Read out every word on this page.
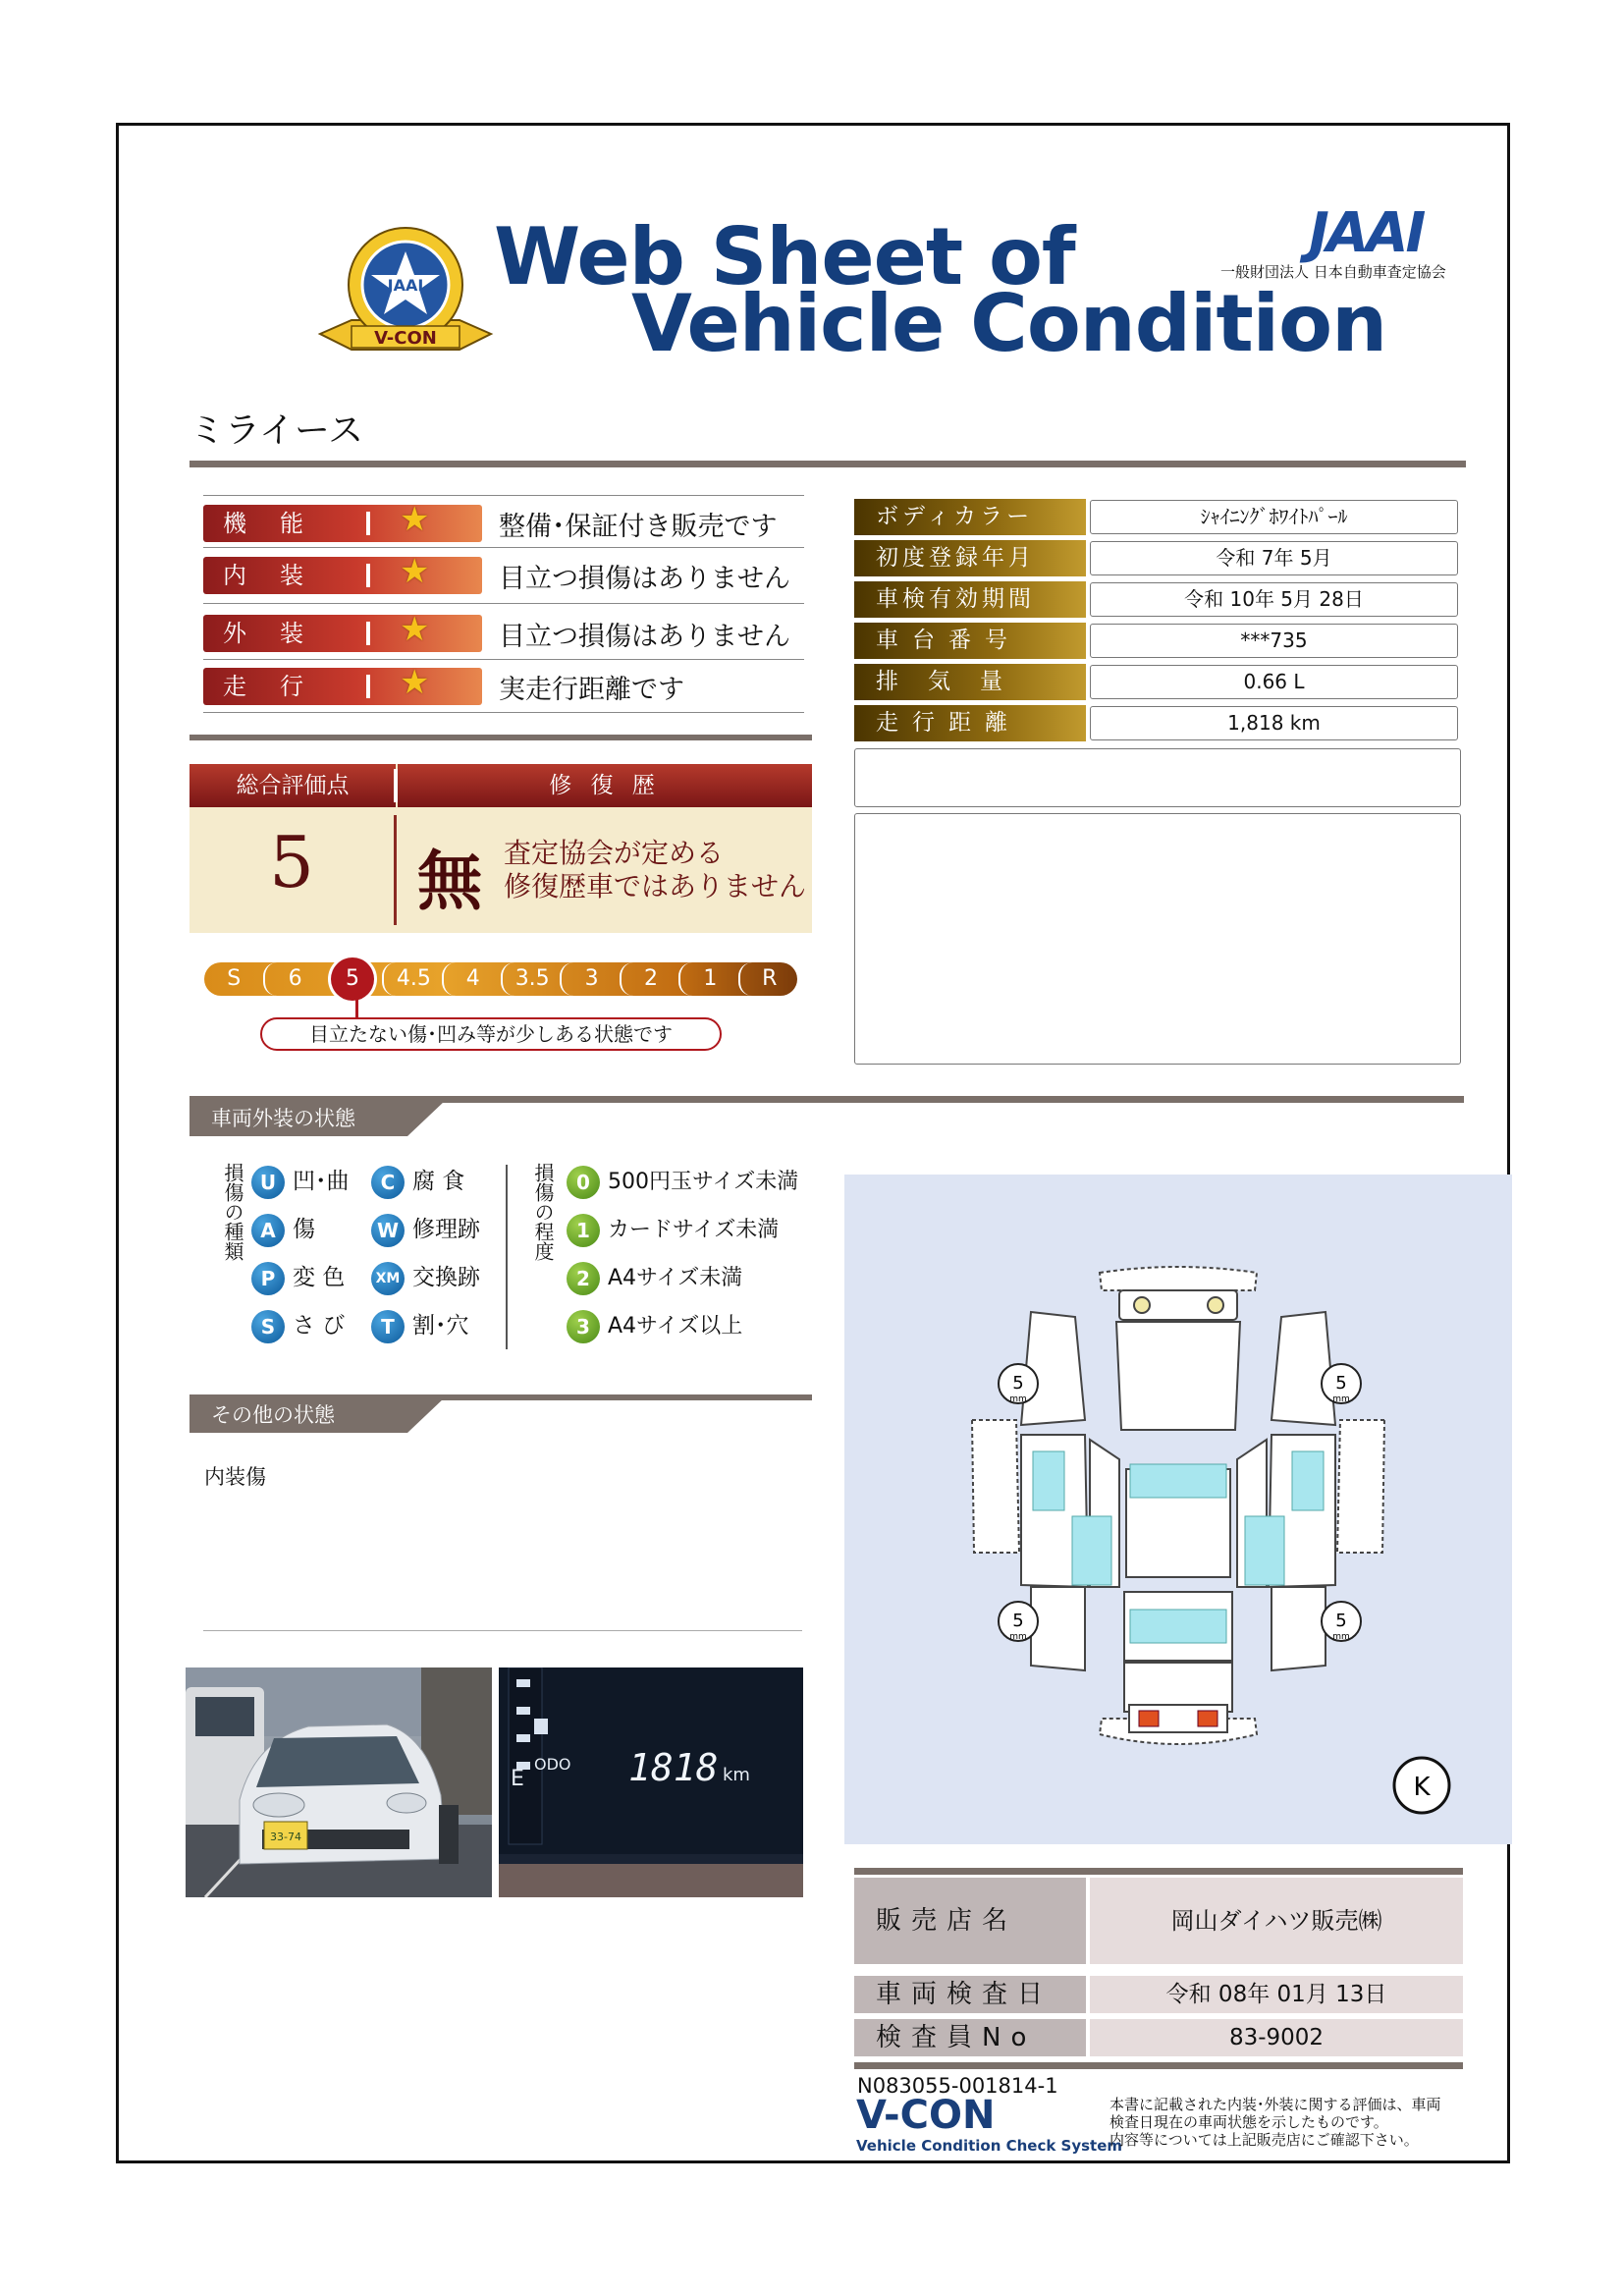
JAAI
V-CON
Web Sheet of
Vehicle Condition
JAAI
一般財団法人 日本自動車査定協会
ミライース
機能 ★	整備･保証付き販売です
内装 ★	目立つ損傷はありません
外装 ★	目立つ損傷はありません
走行 ★	実走行距離です
ボディカラー	ｼｬｲﾆﾝｸﾞﾎﾜｲﾄﾊﾟｰﾙ
初度登録年月	令和 7年 5月
車検有効期間	令和 10年 5月 28日
車台番号	***735
排気量	0.66 L
走行距離	1,818 km
総合評価点	修 復 歴
5	無 査定協会が定める
修復歴車ではありません
S	6	5	4.5	4	3.5	3	2	1	R
目立たない傷･凹み等が少しある状態です
車両外装の状態
損傷の種類	損傷の程度
U 凹･曲	C 腐 食
A 傷	W 修理跡
P 変 色	XM 交換跡
S さ び	T 割･穴
0 500円玉サイズ未満
1 カードサイズ未満
2 A4サイズ未満
3 A4サイズ以上
その他の状態
内装傷
33-74
E
ODO 1818 km
5	5
5	5
mm	mm
mm	mm
K
販売店名	岡山ダイハツ販売㈱
車両検査日	令和 08年 01月 13日
検査員No	83-9002
N083055-001814-1
V-CON
Vehicle Condition Check System
本書に記載された内装･外装に関する評価は、車両
検査日現在の車両状態を示したものです。
内容等については上記販売店にご確認下さい。
